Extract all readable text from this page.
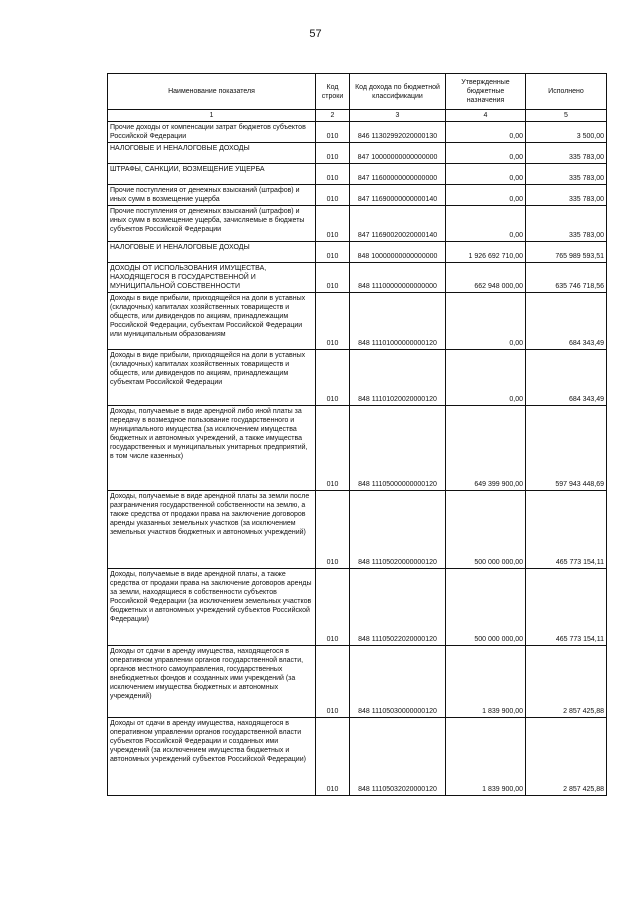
57
Наименование показателя	Код строки	Код дохода по бюджетной классификации	Утвержденные бюджетные назначения	Исполнено
1	2	3	4	5
Прочие доходы от компенсации затрат бюджетов субъектов Российской Федерации	010	846 11302992020000130	0,00	3 500,00
НАЛОГОВЫЕ И НЕНАЛОГОВЫЕ ДОХОДЫ	010	847 10000000000000000	0,00	335 783,00
ШТРАФЫ, САНКЦИИ, ВОЗМЕЩЕНИЕ УЩЕРБА	010	847 11600000000000000	0,00	335 783,00
Прочие поступления от денежных взысканий (штрафов) и иных сумм в возмещение ущерба	010	847 11690000000000140	0,00	335 783,00
Прочие поступления от денежных взысканий (штрафов) и иных сумм в возмещение ущерба, зачисляемые в бюджеты субъектов Российской Федерации	010	847 11690020020000140	0,00	335 783,00
НАЛОГОВЫЕ И НЕНАЛОГОВЫЕ ДОХОДЫ	010	848 10000000000000000	1 926 692 710,00	765 989 593,51
ДОХОДЫ ОТ ИСПОЛЬЗОВАНИЯ ИМУЩЕСТВА, НАХОДЯЩЕГОСЯ В ГОСУДАРСТВЕННОЙ И МУНИЦИПАЛЬНОЙ СОБСТВЕННОСТИ	010	848 11100000000000000	662 948 000,00	635 746 718,56
Доходы в виде прибыли, приходящейся на доли в уставных (складочных) капиталах хозяйственных товариществ и обществ, или дивидендов по акциям, принадлежащим Российской Федерации, субъектам Российской Федерации или муниципальным образованиям	010	848 11101000000000120	0,00	684 343,49
Доходы в виде прибыли, приходящейся на доли в уставных (складочных) капиталах хозяйственных товариществ и обществ, или дивидендов по акциям, принадлежащим субъектам Российской Федерации	010	848 11101020020000120	0,00	684 343,49
Доходы, получаемые в виде арендной либо иной платы за передачу в возмездное пользование государственного и муниципального имущества (за исключением имущества бюджетных и автономных учреждений, а также имущества государственных и муниципальных унитарных предприятий, в том числе казенных)	010	848 11105000000000120	649 399 900,00	597 943 448,69
Доходы, получаемые в виде арендной платы за земли после разграничения государственной собственности на землю, а также средства от продажи права на заключение договоров аренды указанных земельных участков (за исключением земельных участков бюджетных и автономных учреждений)	010	848 11105020000000120	500 000 000,00	465 773 154,11
Доходы, получаемые в виде арендной платы, а также средства от продажи права на заключение договоров аренды за земли, находящиеся в собственности субъектов Российской Федерации (за исключением земельных участков бюджетных и автономных учреждений субъектов Российской Федерации)	010	848 11105022020000120	500 000 000,00	465 773 154,11
Доходы от сдачи в аренду имущества, находящегося в оперативном управлении органов государственной власти, органов местного самоуправления, государственных внебюджетных фондов и созданных ими учреждений (за исключением имущества бюджетных и автономных учреждений)	010	848 11105030000000120	1 839 900,00	2 857 425,88
Доходы от сдачи в аренду имущества, находящегося в оперативном управлении органов государственной власти субъектов Российской Федерации и созданных ими учреждений (за исключением имущества бюджетных и автономных учреждений субъектов Российской Федерации)	010	848 11105032020000120	1 839 900,00	2 857 425,88
